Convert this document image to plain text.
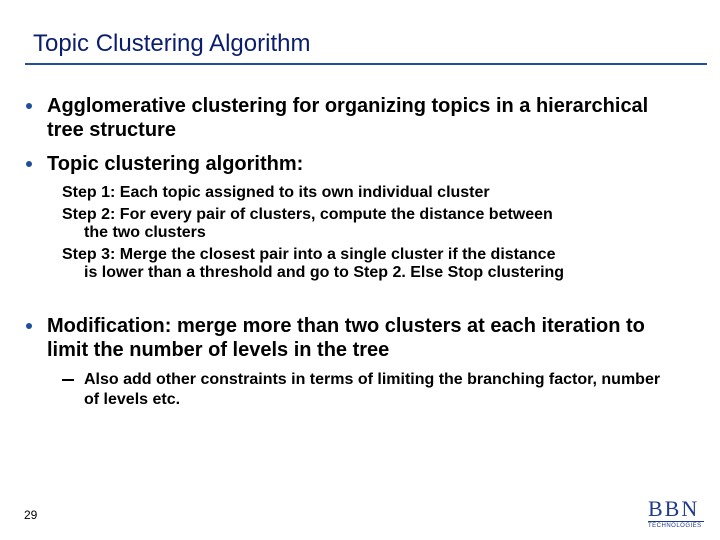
Topic Clustering Algorithm
Agglomerative clustering for organizing topics in a hierarchical tree structure
Topic clustering algorithm:
Step 1: Each topic assigned to its own individual cluster
Step 2: For every pair of clusters, compute the distance between
the two clusters
Step 3: Merge the closest pair into a single cluster if the distance
is lower than a threshold and go to Step 2. Else Stop clustering
Modification: merge more than two clusters at each iteration to limit the number of levels in the tree
Also add other constraints in terms of limiting the branching factor, number of levels etc.
29	BBN
TECHNOLOGIES
